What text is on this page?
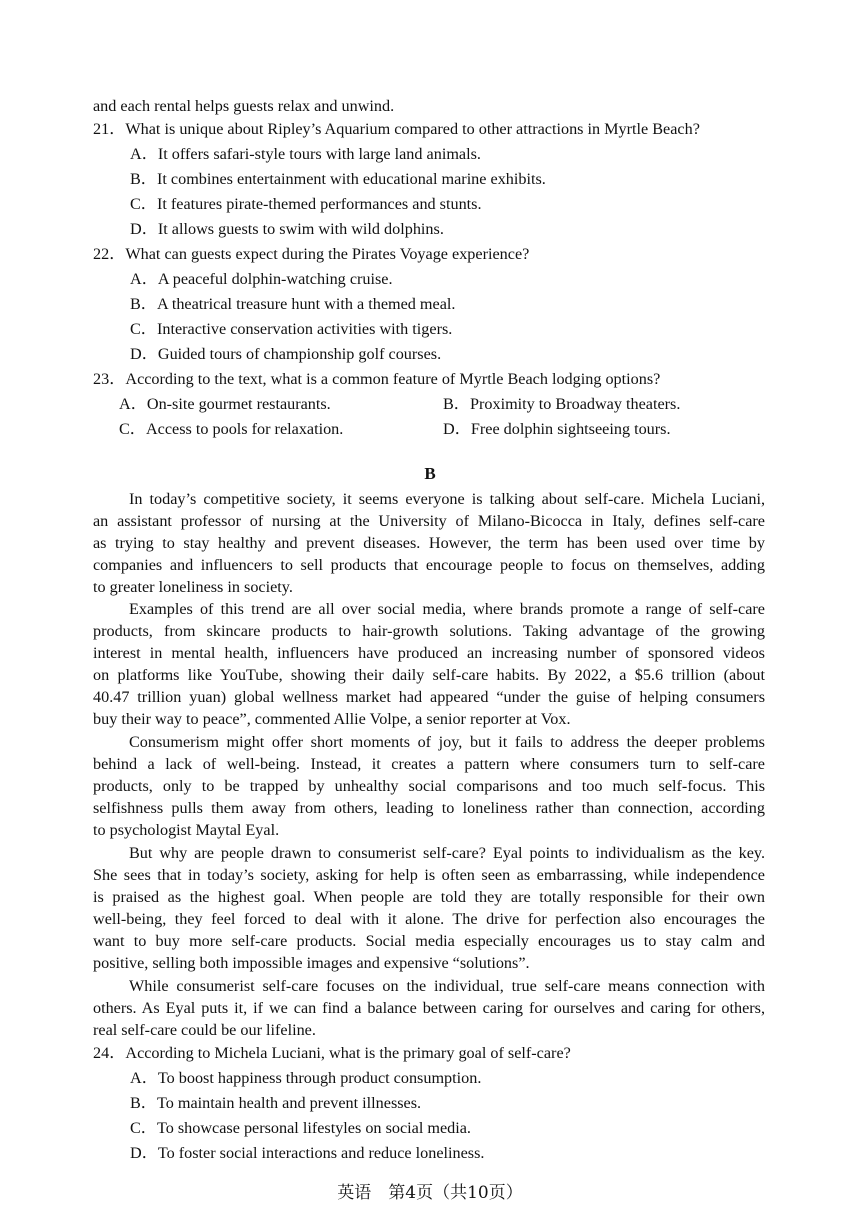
and each rental helps guests relax and unwind.
21．What is unique about Ripley’s Aquarium compared to other attractions in Myrtle Beach?
A．It offers safari-style tours with large land animals.
B．It combines entertainment with educational marine exhibits.
C．It features pirate-themed performances and stunts.
D．It allows guests to swim with wild dolphins.
22．What can guests expect during the Pirates Voyage experience?
A．A peaceful dolphin-watching cruise.
B．A theatrical treasure hunt with a themed meal.
C．Interactive conservation activities with tigers.
D．Guided tours of championship golf courses.
23．According to the text, what is a common feature of Myrtle Beach lodging options?
A．On-site gourmet restaurants.	B．Proximity to Broadway theaters.
C．Access to pools for relaxation.	D．Free dolphin sightseeing tours.
B
In today’s competitive society, it seems everyone is talking about self-care. Michela Luciani,
an assistant professor of nursing at the University of Milano-Bicocca in Italy, defines self-care
as trying to stay healthy and prevent diseases. However, the term has been used over time by
companies and influencers to sell products that encourage people to focus on themselves, adding
to greater loneliness in society.
Examples of this trend are all over social media, where brands promote a range of self-care
products, from skincare products to hair-growth solutions. Taking advantage of the growing
interest in mental health, influencers have produced an increasing number of sponsored videos
on platforms like YouTube, showing their daily self-care habits. By 2022, a $5.6 trillion (about
40.47 trillion yuan) global wellness market had appeared “under the guise of helping consumers
buy their way to peace”, commented Allie Volpe, a senior reporter at Vox.
Consumerism might offer short moments of joy, but it fails to address the deeper problems
behind a lack of well-being. Instead, it creates a pattern where consumers turn to self-care
products, only to be trapped by unhealthy social comparisons and too much self-focus. This
selfishness pulls them away from others, leading to loneliness rather than connection, according
to psychologist Maytal Eyal.
But why are people drawn to consumerist self-care? Eyal points to individualism as the key.
She sees that in today’s society, asking for help is often seen as embarrassing, while independence
is praised as the highest goal. When people are told they are totally responsible for their own
well-being, they feel forced to deal with it alone. The drive for perfection also encourages the
want to buy more self-care products. Social media especially encourages us to stay calm and
positive, selling both impossible images and expensive “solutions”.
While consumerist self-care focuses on the individual, true self-care means connection with
others. As Eyal puts it, if we can find a balance between caring for ourselves and caring for others,
real self-care could be our lifeline.
24．According to Michela Luciani, what is the primary goal of self-care?
A．To boost happiness through product consumption.
B．To maintain health and prevent illnesses.
C．To showcase personal lifestyles on social media.
D．To foster social interactions and reduce loneliness.
英语　第4页（共10页）
